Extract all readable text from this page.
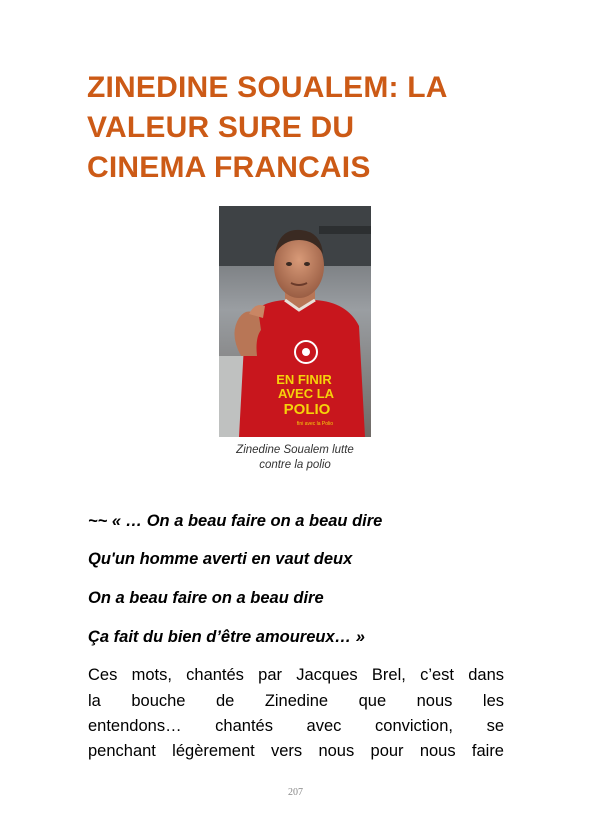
ZINEDINE SOUALEM: LA
VALEUR SURE DU
CINEMA FRANCAIS
EN FINIR
AVEC LA
POLIO
fini avec la Polio
Zinedine Soualem lutte
contre la polio

~~ « … On a beau faire on a beau dire

Qu'un homme averti en vaut deux

On a beau faire on a beau dire

Ça fait du bien d’être amoureux… »

Ces mots, chantés par Jacques Brel, c’est dans

la bouche de Zinedine que nous les

entendons… chantés avec conviction, se

penchant légèrement vers nous pour nous faire

207
